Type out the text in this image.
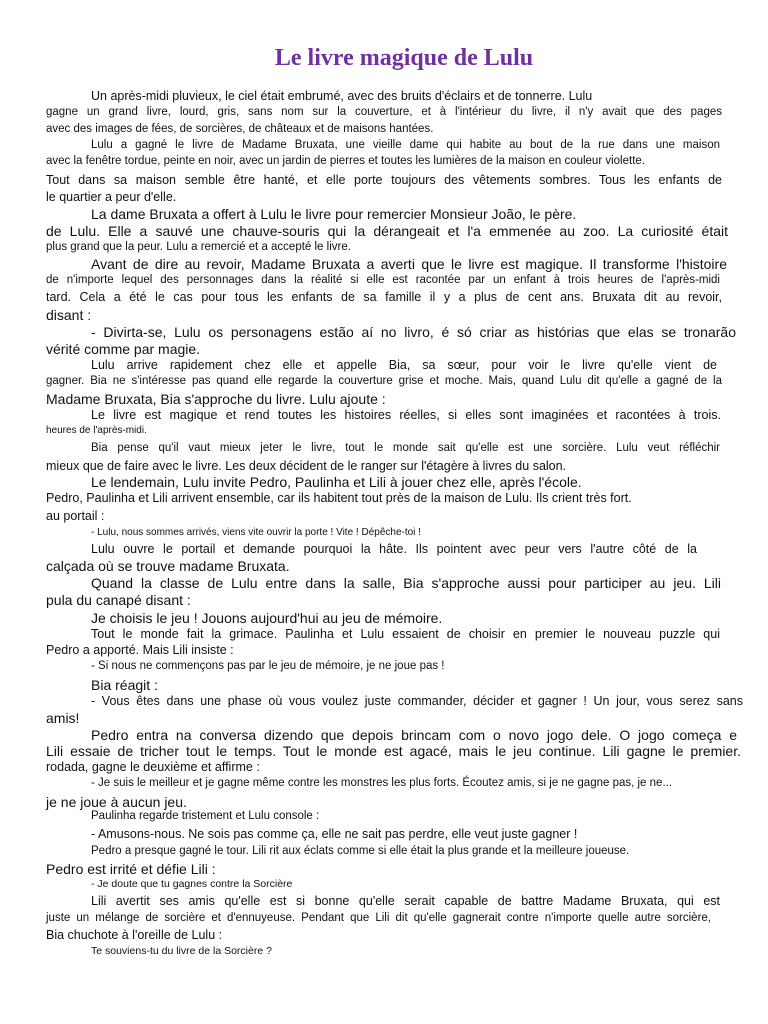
Le livre magique de Lulu

Un après-midi pluvieux, le ciel était embrumé, avec des bruits d'éclairs et de tonnerre. Lulu

gagne un grand livre, lourd, gris, sans nom sur la couverture, et à l'intérieur du livre, il n'y avait que des pages

avec des images de fées, de sorcières, de châteaux et de maisons hantées.

Lulu a gagné le livre de Madame Bruxata, une vieille dame qui habite au bout de la rue dans une maison

avec la fenêtre tordue, peinte en noir, avec un jardin de pierres et toutes les lumières de la maison en couleur violette.

Tout dans sa maison semble être hanté, et elle porte toujours des vêtements sombres. Tous les enfants de

le quartier a peur d'elle.

La dame Bruxata a offert à Lulu le livre pour remercier Monsieur João, le père.

de Lulu. Elle a sauvé une chauve-souris qui la dérangeait et l'a emmenée au zoo. La curiosité était

plus grand que la peur. Lulu a remercié et a accepté le livre.

Avant de dire au revoir, Madame Bruxata a averti que le livre est magique. Il transforme l'histoire

de n'importe lequel des personnages dans la réalité si elle est racontée par un enfant à trois heures de l'après-midi

tard. Cela a été le cas pour tous les enfants de sa famille il y a plus de cent ans. Bruxata dit au revoir,

disant :

- Divirta-se, Lulu os personagens estão aí no livro, é só criar as histórias que elas se tronarão

vérité comme par magie.

Lulu arrive rapidement chez elle et appelle Bia, sa sœur, pour voir le livre qu'elle vient de

gagner. Bia ne s'intéresse pas quand elle regarde la couverture grise et moche. Mais, quand Lulu dit qu'elle a gagné de la

Madame Bruxata, Bia s'approche du livre. Lulu ajoute :

Le livre est magique et rend toutes les histoires réelles, si elles sont imaginées et racontées à trois.

heures de l'après-midi.

Bia pense qu'il vaut mieux jeter le livre, tout le monde sait qu'elle est une sorcière. Lulu veut réfléchir

mieux que de faire avec le livre. Les deux décident de le ranger sur l'étagère à livres du salon.

Le lendemain, Lulu invite Pedro, Paulinha et Lili à jouer chez elle, après l'école.

Pedro, Paulinha et Lili arrivent ensemble, car ils habitent tout près de la maison de Lulu. Ils crient très fort.

au portail :

- Lulu, nous sommes arrivés, viens vite ouvrir la porte ! Vite ! Dépêche-toi !

Lulu ouvre le portail et demande pourquoi la hâte. Ils pointent avec peur vers l'autre côté de la

calçada où se trouve madame Bruxata.

Quand la classe de Lulu entre dans la salle, Bia s'approche aussi pour participer au jeu. Lili

pula du canapé disant :

Je choisis le jeu ! Jouons aujourd'hui au jeu de mémoire.

Tout le monde fait la grimace. Paulinha et Lulu essaient de choisir en premier le nouveau puzzle qui

Pedro a apporté. Mais Lili insiste :

- Si nous ne commençons pas par le jeu de mémoire, je ne joue pas !

Bia réagit :

- Vous êtes dans une phase où vous voulez juste commander, décider et gagner ! Un jour, vous serez sans

amis!

Pedro entra na conversa dizendo que depois brincam com o novo jogo dele. O jogo começa e

Lili essaie de tricher tout le temps. Tout le monde est agacé, mais le jeu continue. Lili gagne le premier.

rodada, gagne le deuxième et affirme :

- Je suis le meilleur et je gagne même contre les monstres les plus forts. Écoutez amis, si je ne gagne pas, je ne...

je ne joue à aucun jeu.

Paulinha regarde tristement et Lulu console :

- Amusons-nous. Ne sois pas comme ça, elle ne sait pas perdre, elle veut juste gagner !

Pedro a presque gagné le tour. Lili rit aux éclats comme si elle était la plus grande et la meilleure joueuse.

Pedro est irrité et défie Lili :

- Je doute que tu gagnes contre la Sorcière

Lili avertit ses amis qu'elle est si bonne qu'elle serait capable de battre Madame Bruxata, qui est

juste un mélange de sorcière et d'ennuyeuse. Pendant que Lili dit qu'elle gagnerait contre n'importe quelle autre sorcière,

Bia chuchote à l'oreille de Lulu :

Te souviens-tu du livre de la Sorcière ?
